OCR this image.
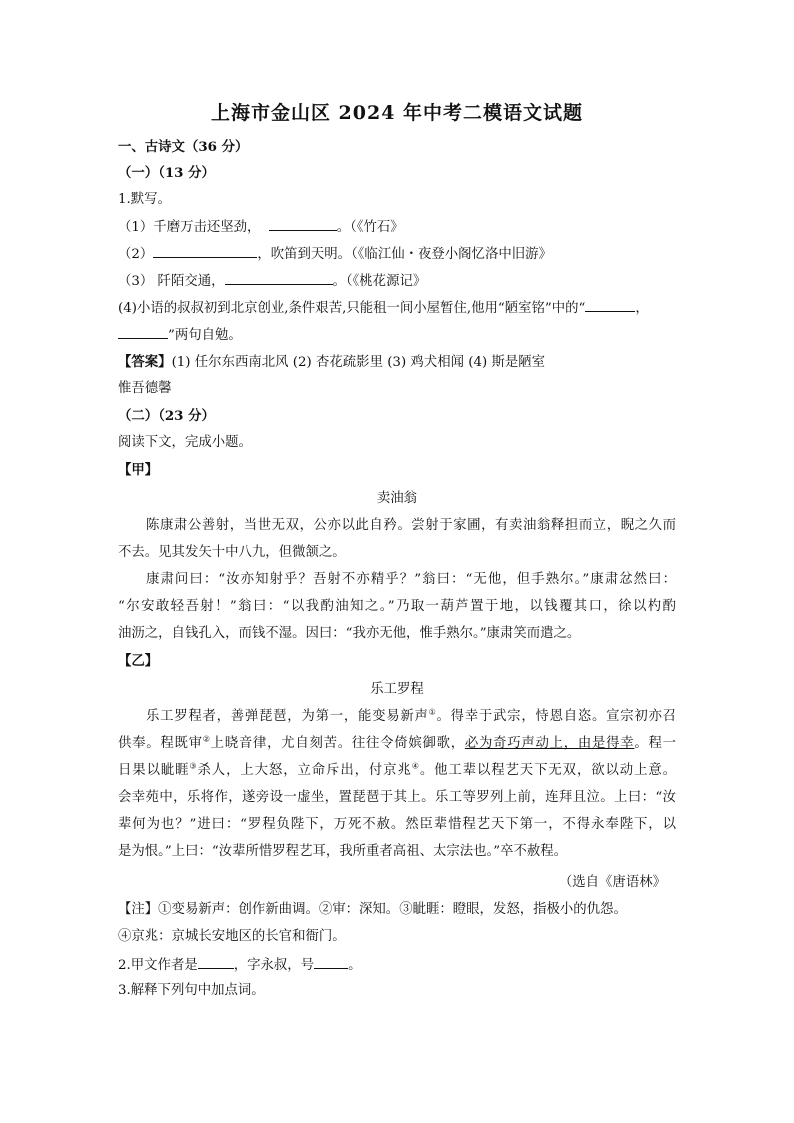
上海市金山区 2024 年中考二模语文试题
一、古诗文（36 分）
（一）（13 分）
1.默写。
（1）千磨万击还坚劲，	。（《竹石》
（2）	，吹笛到天明。（《临江仙・夜登小阁忆洛中旧游》
（3） 阡陌交通，	。（《桃花源记》
(4)小语的叔叔初到北京创业,条件艰苦,只能租一间小屋暂住,他用“陋室铭”中的“	，
”两句自勉。
【答案】(1) 任尔东西南北风 (2) 杏花疏影里 (3) 鸡犬相闻 (4) 斯是陋室
惟吾德馨
（二）（23 分）
阅读下文，完成小题。
【甲】
卖油翁
陈康肃公善射，当世无双，公亦以此自矜。尝射于家圃，有卖油翁释担而立，睨之久而
不去。见其发矢十中八九，但微颔之。
康肃问曰：“汝亦知射乎？吾射不亦精乎？”翁曰：“无他，但手熟尔。”康肃忿然曰：
“尔安敢轻吾射！”翁曰：“以我酌油知之。”乃取一葫芦置于地，以钱覆其口，徐以杓酌
油沥之，自钱孔入，而钱不湿。因曰：“我亦无他，惟手熟尔。”康肃笑而遣之。
【乙】
乐工罗程
乐工罗程者，善弹琵琶，为第一，能变易新声①。得幸于武宗，恃恩自恣。宣宗初亦召
供奉。程既审②上晓音律，尤自刻苦。往往令倚嫔御歌，必为奇巧声动上，由是得幸。程一
日果以眦睚③杀人，上大怒，立命斥出，付京兆④。他工辈以程艺天下无双，欲以动上意。
会幸苑中，乐将作，遂旁设一虚坐，置琵琶于其上。乐工等罗列上前，连拜且泣。上曰：“汝
辈何为也？”进曰：“罗程负陛下，万死不赦。然臣辈惜程艺天下第一，不得永奉陛下，以
是为恨。”上曰：“汝辈所惜罗程艺耳，我所重者高祖、太宗法也。”卒不赦程。
（选自《唐语林》
【注】①变易新声：创作新曲调。②审：深知。③眦睚：瞪眼，发怒，指极小的仇怨。
④京兆：京城长安地区的长官和衙门。
2.甲文作者是	，字永叔，号	。
3.解释下列句中加点词。
